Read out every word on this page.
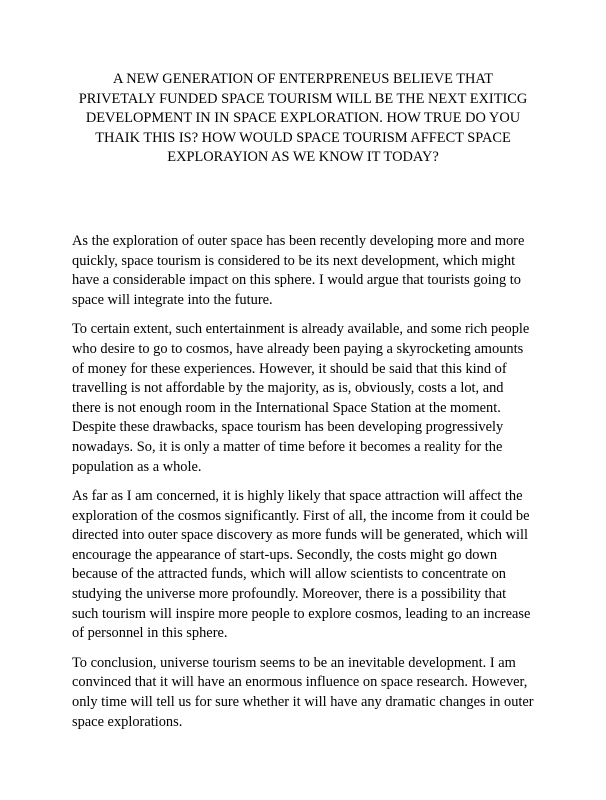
A NEW GENERATION OF ENTERPRENEUS BELIEVE THAT PRIVETALY FUNDED SPACE TOURISM WILL BE THE NEXT EXITICG DEVELOPMENT IN IN SPACE EXPLORATION. HOW TRUE DO YOU THAIK THIS IS? HOW WOULD SPACE TOURISM AFFECT SPACE EXPLORAYION AS WE KNOW IT TODAY?

As the exploration of outer space has been recently developing more and more quickly, space tourism is considered to be its next development, which might have a considerable impact on this sphere. I would argue that tourists going to space will integrate into the future.

To certain extent, such entertainment is already available, and some rich people who desire to go to cosmos, have already been paying a skyrocketing amounts of money for these experiences. However, it should be said that this kind of travelling is not affordable by the majority, as is, obviously, costs a lot, and there is not enough room in the International Space Station at the moment. Despite these drawbacks, space tourism has been developing progressively nowadays. So, it is only a matter of time before it becomes a reality for the population as a whole.

As far as I am concerned, it is highly likely that space attraction will affect the exploration of the cosmos significantly. First of all, the income from it could be directed into outer space discovery as more funds will be generated, which will encourage the appearance of start-ups. Secondly, the costs might go down because of the attracted funds, which will allow scientists to concentrate on studying the universe more profoundly. Moreover, there is a possibility that such tourism will inspire more people to explore cosmos, leading to an increase of personnel in this sphere.

To conclusion, universe tourism seems to be an inevitable development. I am convinced that it will have an enormous influence on space research. However, only time will tell us for sure whether it will have any dramatic changes in outer space explorations.
